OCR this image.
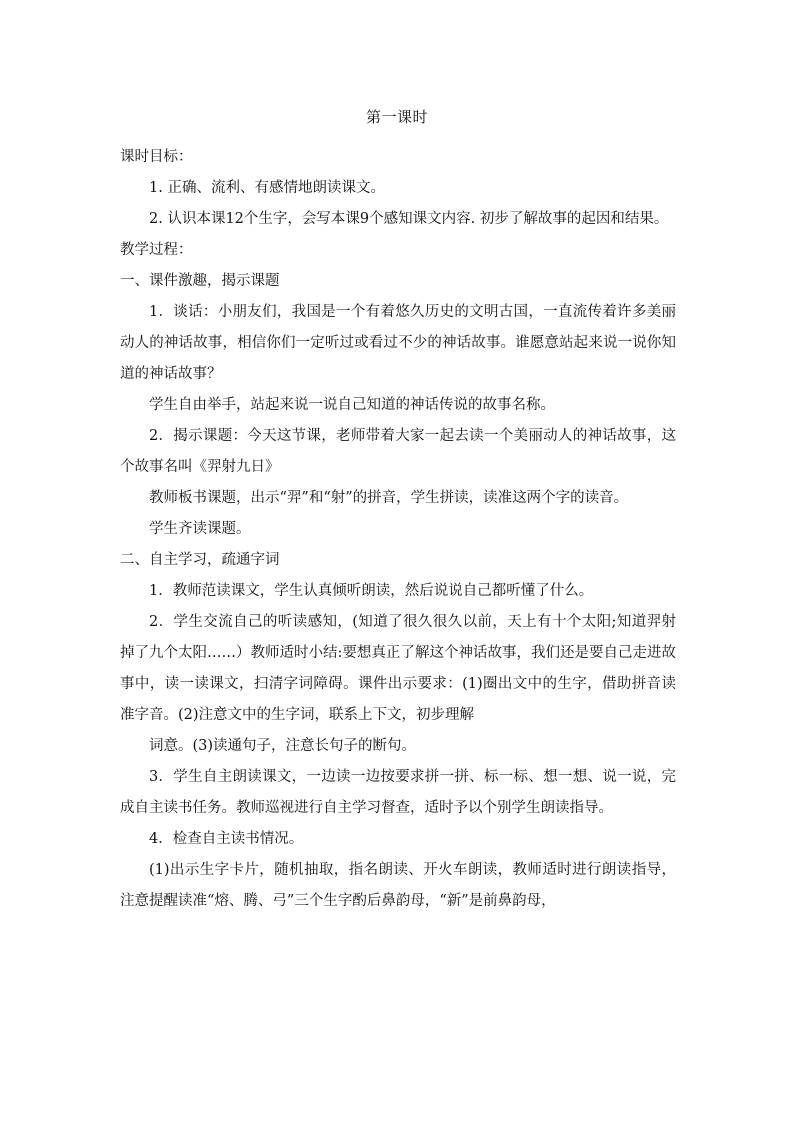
第一课时

课时目标：

1. 正确、流利、有感情地朗读课文。

2. 认识本课12个生字，会写本课9个感知课文内容. 初步了解故事的起因和结果。

教学过程：

一、课件激趣，揭示课题

1．谈话：小朋友们，我国是一个有着悠久历史的文明古国，一直流传着许多美丽动人的神话故事，相信你们一定听过或看过不少的神话故事。谁愿意站起来说一说你知道的神话故事？

学生自由举手，站起来说一说自己知道的神话传说的故事名称。

2．揭示课题：今天这节课，老师带着大家一起去读一个美丽动人的神话故事，这个故事名叫《羿射九日》

教师板书课题，出示“羿”和“射”的拼音，学生拼读，读准这两个字的读音。

学生齐读课题。

二、自主学习，疏通字词

1．教师范读课文，学生认真倾听朗读，然后说说自己都听懂了什么。

2．学生交流自己的听读感知，(知道了很久很久以前，天上有十个太阳;知道羿射掉了九个太阳……）教师适时小结:要想真正了解这个神话故事，我们还是要自己走进故事中，读一读课文，扫清字词障碍。课件出示要求：(1)圈出文中的生字，借助拼音读准字音。(2)注意文中的生字词，联系上下文，初步理解

词意。(3)读通句子，注意长句子的断句。

3．学生自主朗读课文，一边读一边按要求拼一拼、标一标、想一想、说一说，完成自主读书任务。教师巡视进行自主学习督查，适时予以个别学生朗读指导。

4．检查自主读书情况。

(1)出示生字卡片，随机抽取，指名朗读、开火车朗读，教师适时进行朗读指导，注意提醒读准“熔、腾、弓”三个生字酌后鼻韵母，“新”是前鼻韵母，
